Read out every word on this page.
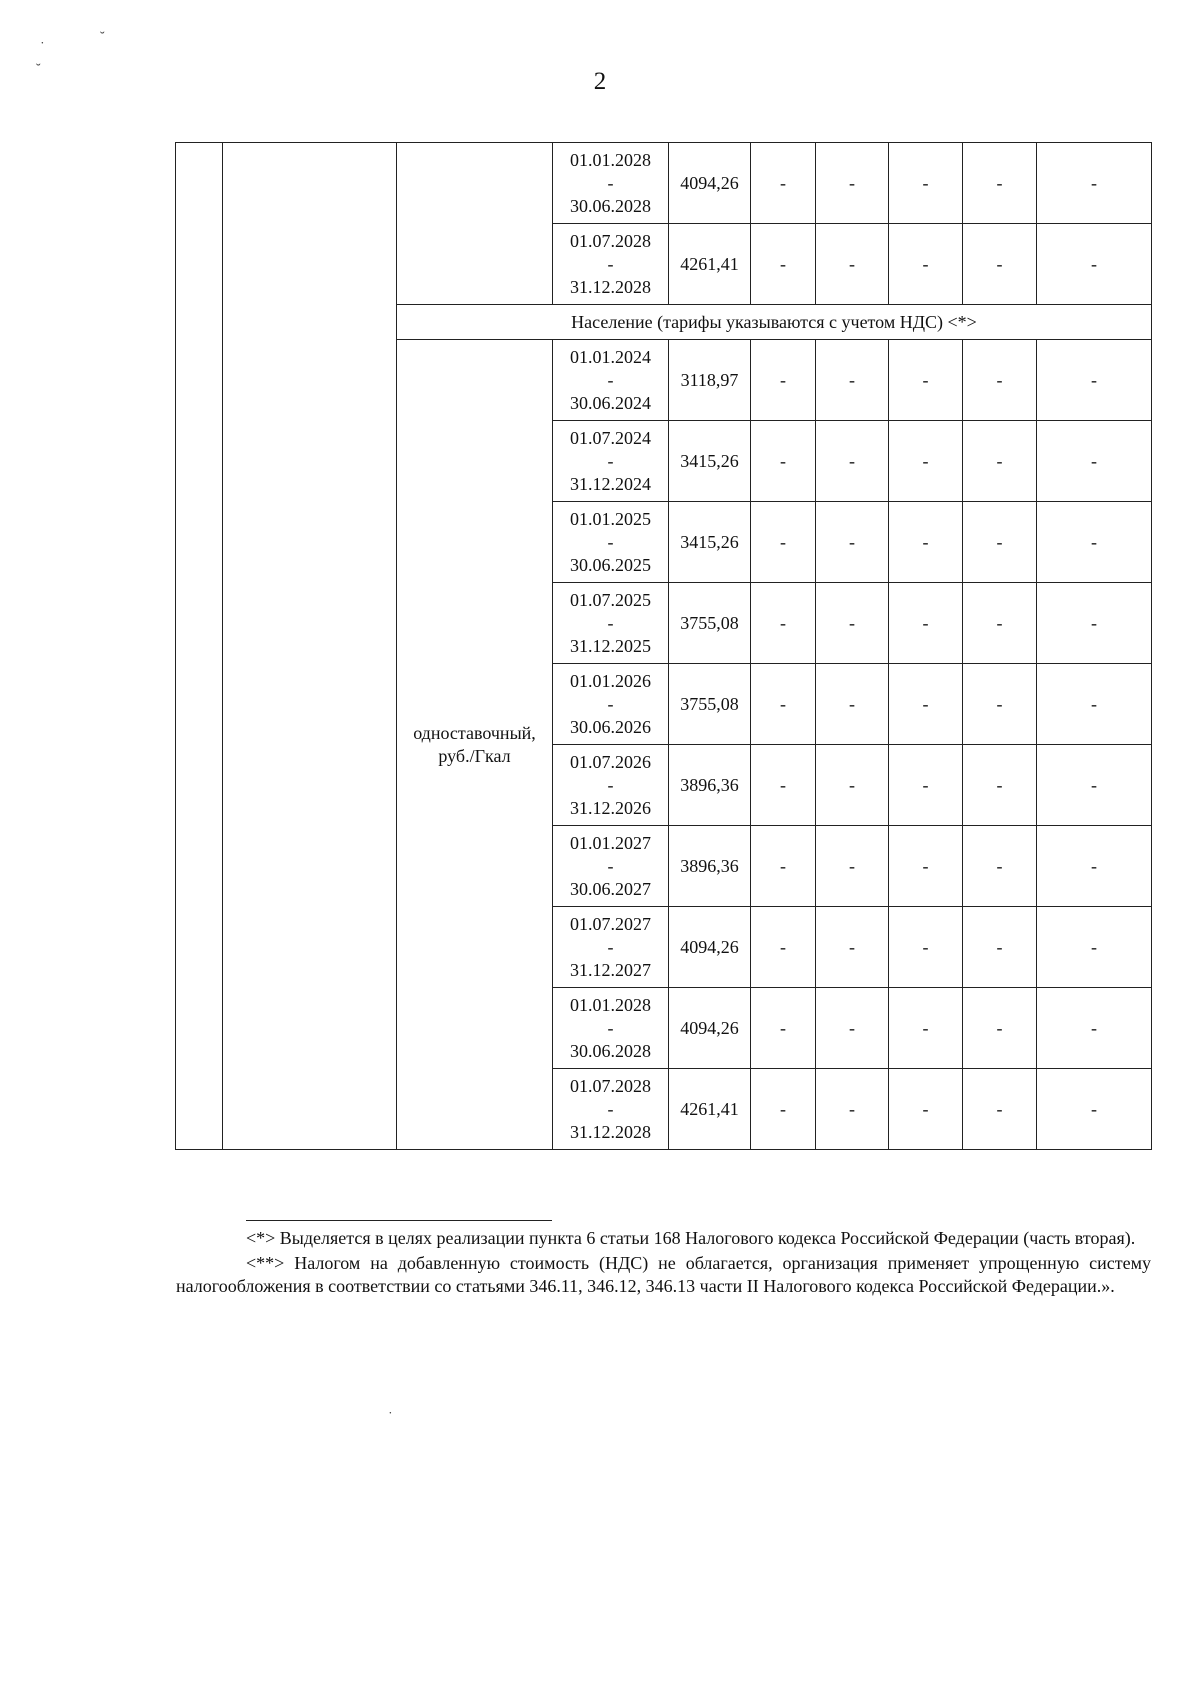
˙
˘
˘
2

			01.01.2028
-
30.06.2028	4094,26	-	-	-	-	-

			01.07.2028
-
31.12.2028	4261,41	-	-	-	-	-
		Население (тарифы указываются с учетом НДС) <*>							
		одноставочный, руб./Гкал	01.01.2024
-
30.06.2024	3118,97	-	-	-	-	-

			01.07.2024
-
31.12.2024	3415,26	-	-	-	-	-

			01.01.2025
-
30.06.2025	3415,26	-	-	-	-	-

			01.07.2025
-
31.12.2025	3755,08	-	-	-	-	-

			01.01.2026
-
30.06.2026	3755,08	-	-	-	-	-

			01.07.2026
-
31.12.2026	3896,36	-	-	-	-	-

			01.01.2027
-
30.06.2027	3896,36	-	-	-	-	-

			01.07.2027
-
31.12.2027	4094,26	-	-	-	-	-

			01.01.2028
-
30.06.2028	4094,26	-	-	-	-	-

			01.07.2028
-
31.12.2028	4261,41	-	-	-	-	-

<*> Выделяется в целях реализации пункта 6 статьи 168 Налогового кодекса Российской Федерации (часть вторая).

<**> Налогом на добавленную стоимость (НДС) не облагается, организация применяет упрощенную систему налогообложения в соответствии со статьями 346.11, 346.12, 346.13 части II Налогового кодекса Российской Федерации.».

˙
